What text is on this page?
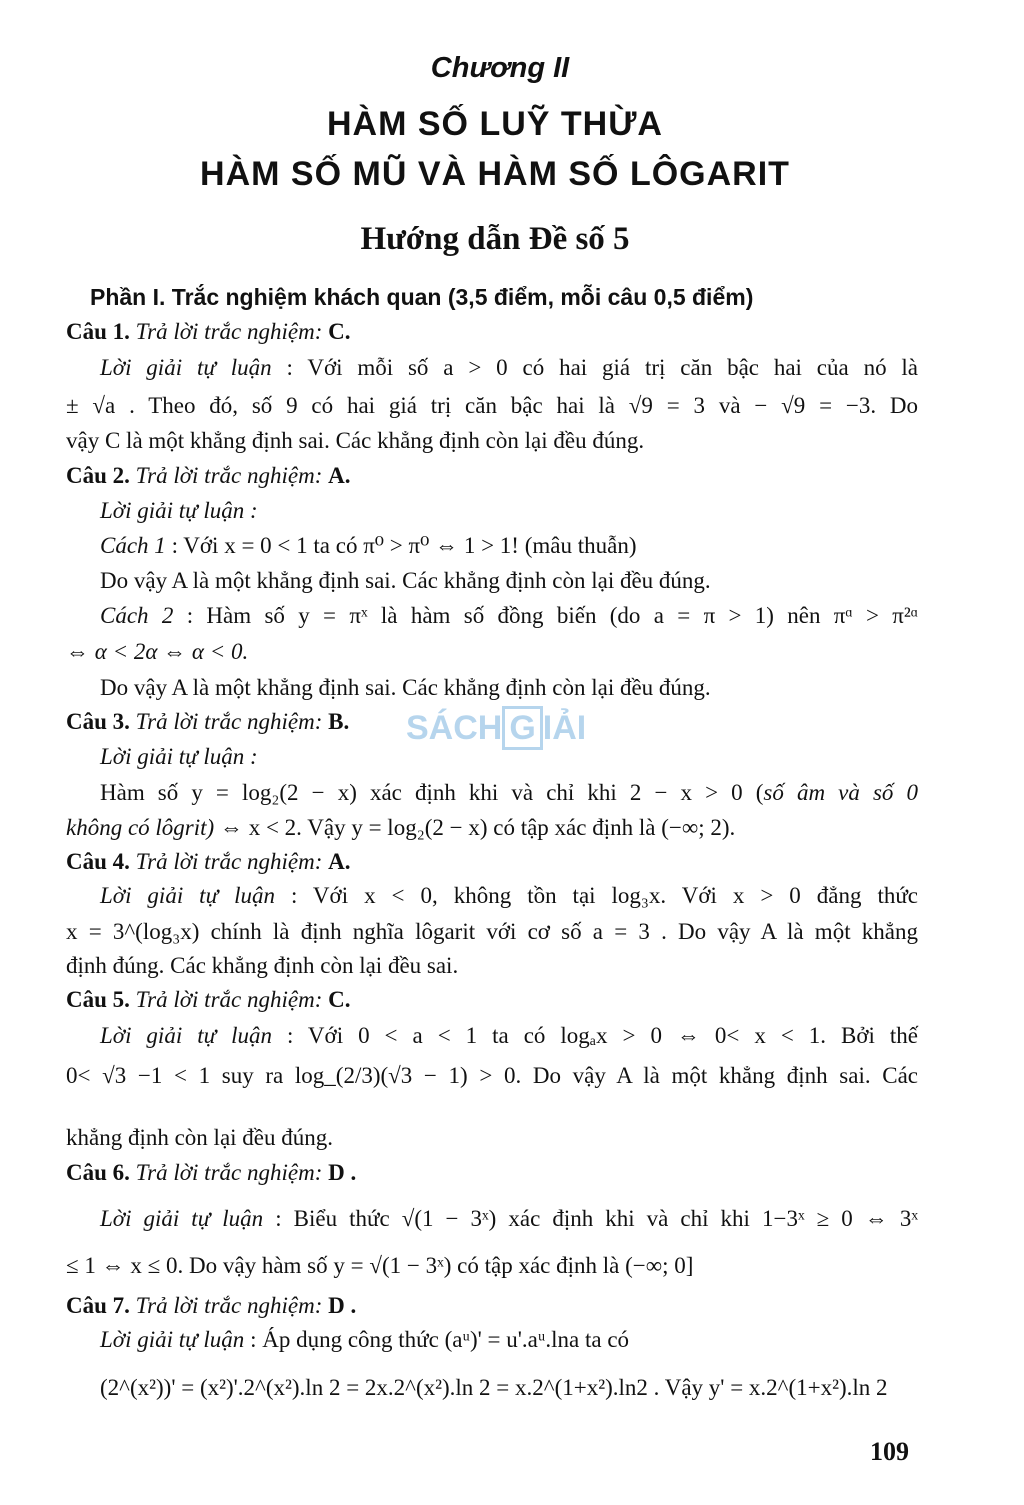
Chương II
HÀM SỐ LUỸ THỪA
HÀM SỐ MŨ VÀ HÀM SỐ LÔGARIT
Hướng dẫn Đề số 5
Phần I. Trắc nghiệm khách quan (3,5 điểm, mỗi câu 0,5 điểm)
Câu 1. Trả lời trắc nghiệm: C.
Lời giải tự luận : Với mỗi số a > 0 có hai giá trị căn bậc hai của nó là
± √a . Theo đó, số 9 có hai giá trị căn bậc hai là √9 = 3 và − √9 = −3. Do
vậy C là một khẳng định sai. Các khẳng định còn lại đều đúng.
Câu 2. Trả lời trắc nghiệm: A.
Lời giải tự luận :
Cách 1 : Với x = 0 < 1 ta có π⁰ > π⁰ ⇔ 1 > 1! (mâu thuẫn)
Do vậy A là một khẳng định sai. Các khẳng định còn lại đều đúng.
Cách 2 : Hàm số y = πˣ là hàm số đồng biến (do a = π > 1) nên πᵅ > π²ᵅ
⇔ α < 2α ⇔ α < 0.
Do vậy A là một khẳng định sai. Các khẳng định còn lại đều đúng.
Câu 3. Trả lời trắc nghiệm: B.
Lời giải tự luận :
Hàm số y = log₂(2 − x) xác định khi và chỉ khi 2 − x > 0 (số âm và số 0
không có lôgrit) ⇔ x < 2. Vậy y = log₂(2 − x) có tập xác định là (−∞; 2).
SÁCH G IẢI
Câu 4. Trả lời trắc nghiệm: A.
Lời giải tự luận : Với x < 0, không tồn tại log₃x. Với x > 0 đẳng thức
x = 3^(log₃x) chính là định nghĩa lôgarit với cơ số a = 3 . Do vậy A là một khẳng
định đúng. Các khẳng định còn lại đều sai.
Câu 5. Trả lời trắc nghiệm: C.
Lời giải tự luận : Với 0 < a < 1 ta có logₐx > 0 ⇔ 0< x < 1. Bởi thế
0< √3 −1 < 1 suy ra log_(2/3)(√3 − 1) > 0. Do vậy A là một khẳng định sai. Các
khẳng định còn lại đều đúng.
Câu 6. Trả lời trắc nghiệm: D .
Lời giải tự luận : Biểu thức √(1 − 3ˣ) xác định khi và chỉ khi 1−3ˣ ≥ 0 ⇔ 3ˣ
≤ 1 ⇔ x ≤ 0. Do vậy hàm số y = √(1 − 3ˣ) có tập xác định là (−∞; 0]
Câu 7. Trả lời trắc nghiệm: D .
Lời giải tự luận : Áp dụng công thức (aᵘ)' = u'.aᵘ.lna ta có
(2^(x²))' = (x²)'.2^(x²).ln 2 = 2x.2^(x²).ln 2 = x.2^(1+x²).ln2 . Vậy y' = x.2^(1+x²).ln 2
109
